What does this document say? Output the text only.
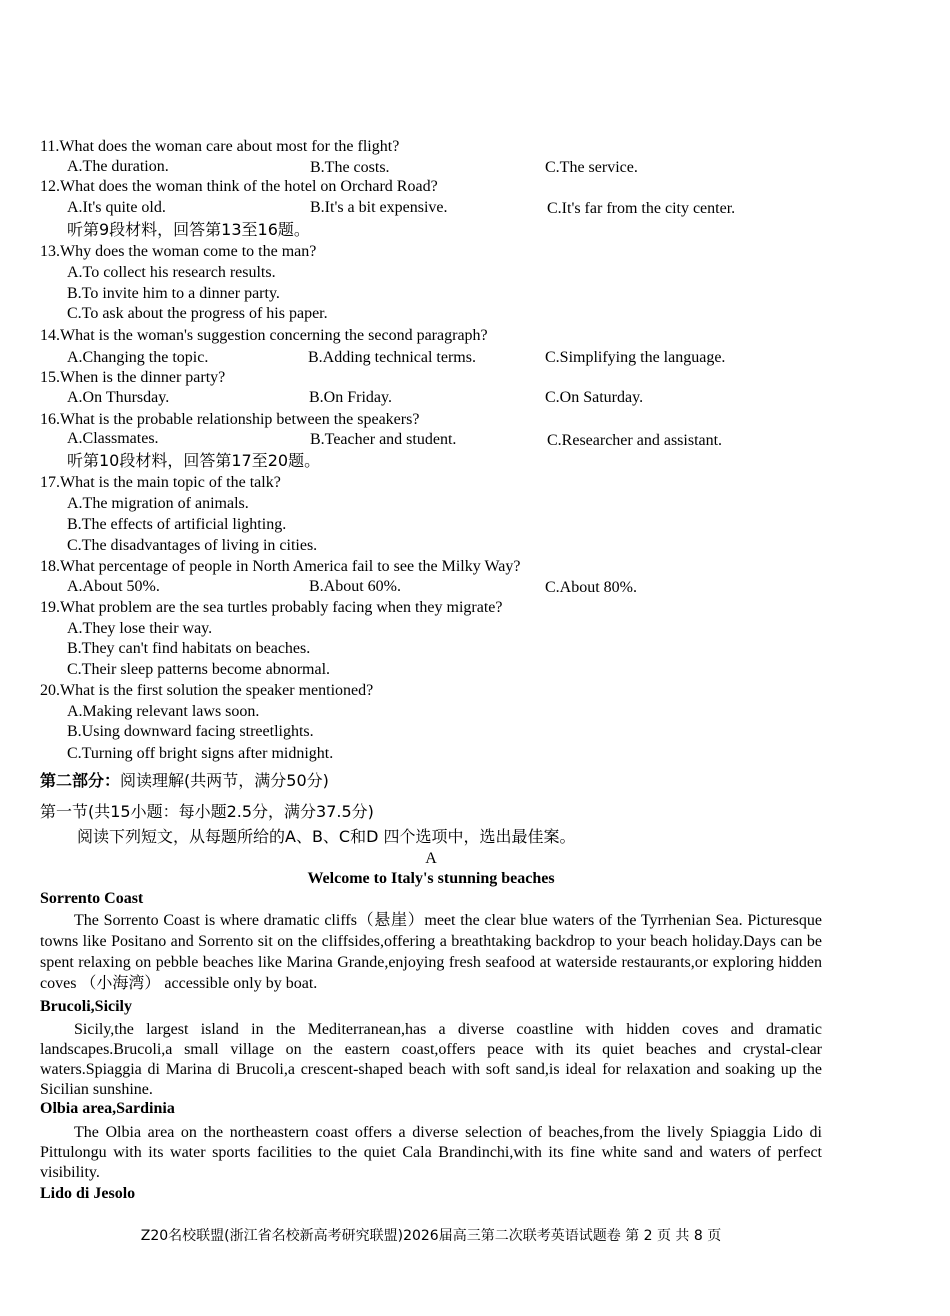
11.What does the woman care about most for the flight?
A.The duration.	B.The costs.	C.The service.
12.What does the woman think of the hotel on Orchard Road?
A.It's quite old.	B.It's a bit expensive.	C.It's far from the city center.
听第9段材料，回答第13至16题。
13.Why does the woman come to the man?
A.To collect his research results.
B.To invite him to a dinner party.
C.To ask about the progress of his paper.
14.What is the woman's suggestion concerning the second paragraph?
A.Changing the topic.	B.Adding technical terms.	C.Simplifying the language.
15.When is the dinner party?
A.On Thursday.	B.On Friday.	C.On Saturday.
16.What is the probable relationship between the speakers?
A.Classmates.	B.Teacher and student.	C.Researcher and assistant.
听第10段材料，回答第17至20题。
17.What is the main topic of the talk?
A.The migration of animals.
B.The effects of artificial lighting.
C.The disadvantages of living in cities.
18.What percentage of people in North America fail to see the Milky Way?
A.About 50%.	B.About 60%.	C.About 80%.
19.What problem are the sea turtles probably facing when they migrate?
A.They lose their way.
B.They can't find habitats on beaches.
C.Their sleep patterns become abnormal.
20.What is the first solution the speaker mentioned?
A.Making relevant laws soon.
B.Using downward facing streetlights.
C.Turning off bright signs after midnight.
第二部分：阅读理解(共两节，满分50分)
第一节(共15小题：每小题2.5分，满分37.5分)
阅读下列短文，从每题所给的A、B、C和D 四个选项中，选出最佳案。
A
Welcome to Italy's stunning beaches
Sorrento Coast
The Sorrento Coast is where dramatic cliffs（悬崖）meet the clear blue waters of the Tyrrhenian Sea. Picturesque towns like Positano and Sorrento sit on the cliffsides,offering a breathtaking backdrop to your beach holiday.Days can be spent relaxing on pebble beaches like Marina Grande,enjoying fresh seafood at waterside restaurants,or exploring hidden coves （小海湾） accessible only by boat.
Brucoli,Sicily
Sicily,the largest island in the Mediterranean,has a diverse coastline with hidden coves and dramatic landscapes.Brucoli,a small village on the eastern coast,offers peace with its quiet beaches and crystal-clear waters.Spiaggia di Marina di Brucoli,a crescent-shaped beach with soft sand,is ideal for relaxation and soaking up the Sicilian sunshine.
Olbia area,Sardinia
The Olbia area on the northeastern coast offers a diverse selection of beaches,from the lively Spiaggia Lido di Pittulongu with its water sports facilities to the quiet Cala Brandinchi,with its fine white sand and waters of perfect visibility.
Lido di Jesolo
Z20名校联盟(浙江省名校新高考研究联盟)2026届高三第二次联考英语试题卷 第 2 页 共 8 页
